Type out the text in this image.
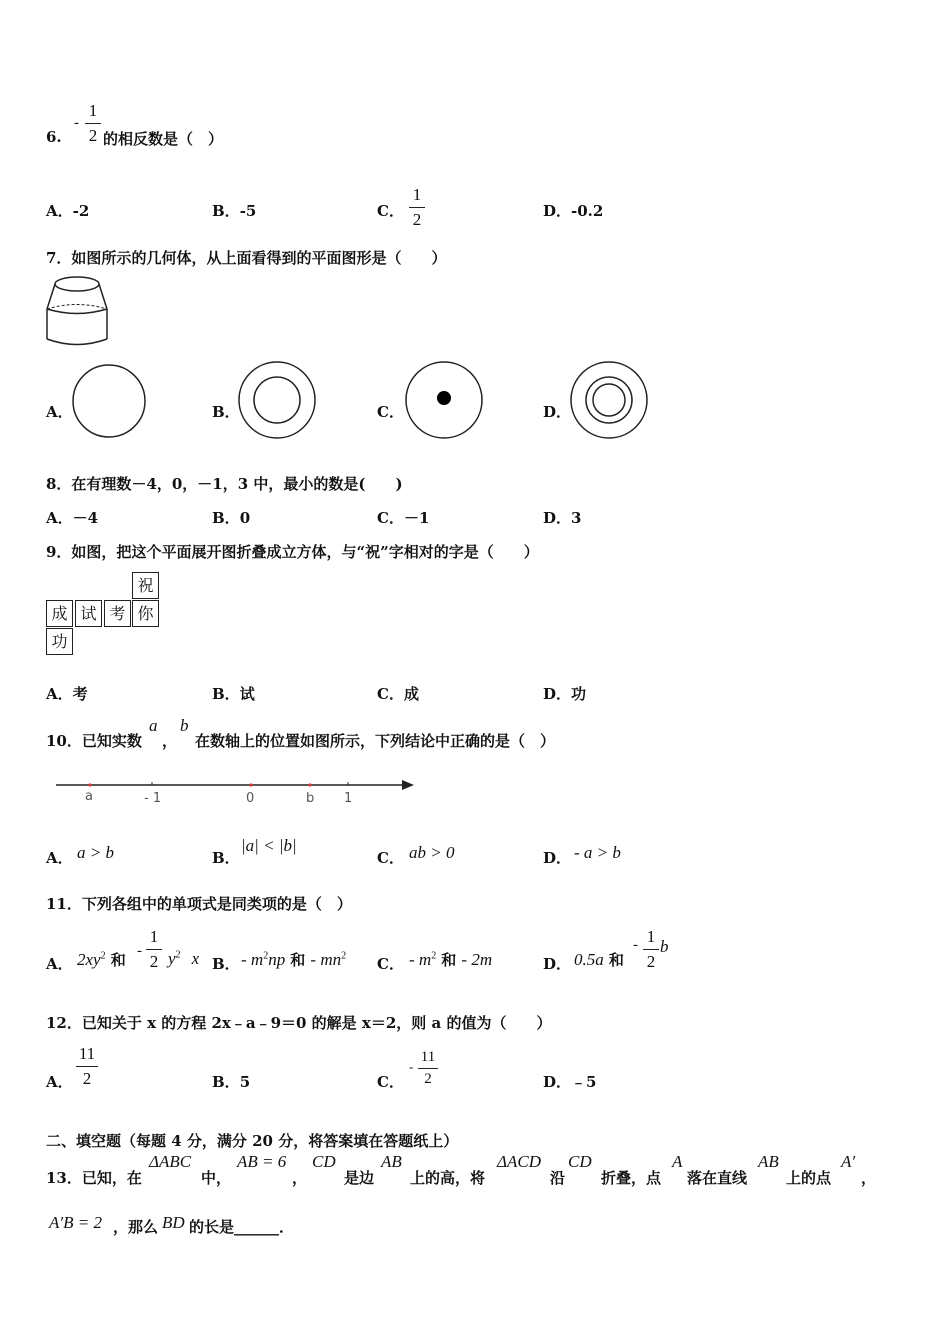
6.
-
1
2 的相反数是（　）
A．-2	B．-5	C．
1
2	D．-0.2
7．如图所示的几何体，从上面看得到的平面图形是（　　）
A．	B．	C．	D．
8．在有理数－4，0，－1，3 中，最小的数是(　　)
A．－4	B．0	C．－1	D．3
9．如图，把这个平面展开图折叠成立方体，与“祝”字相对的字是（　　）
祝
成 试 考 你
功
A．考	B．试	C．成	D．功
10．已知实数
a
，
b
在数轴上的位置如图所示，下列结论中正确的是（　）
a	- 1	0	b 1
A． a > b	B．
|a| < |b|
C． ab > 0	D． - a > b
11．下列各组中的单项式是同类项的是（　）
A． $2xy^2$ 和 -
1
2 $y^2$ x B． - $m^2np$ 和 - $mn^2$ C． - $m^2$ 和 - 2m	D． 0.5a 和
- 1
2
b
12．已知关于 x 的方程 2x﹣a﹣9＝0 的解是 x＝2，则 a 的值为（　　）
A．
11
2	B．5	C．
-
11
2	D．﹣5
二、填空题（每题 4 分，满分 20 分，将答案填在答题纸上）
13．已知，在
ΔABC
中，
AB = 6
，
CD
是边
AB
上的高，将
ΔACD
沿
CD
折叠，点
A
落在直线
AB
上的点
A′
，
A′B = 2 ，那么 BD 的长是______．
